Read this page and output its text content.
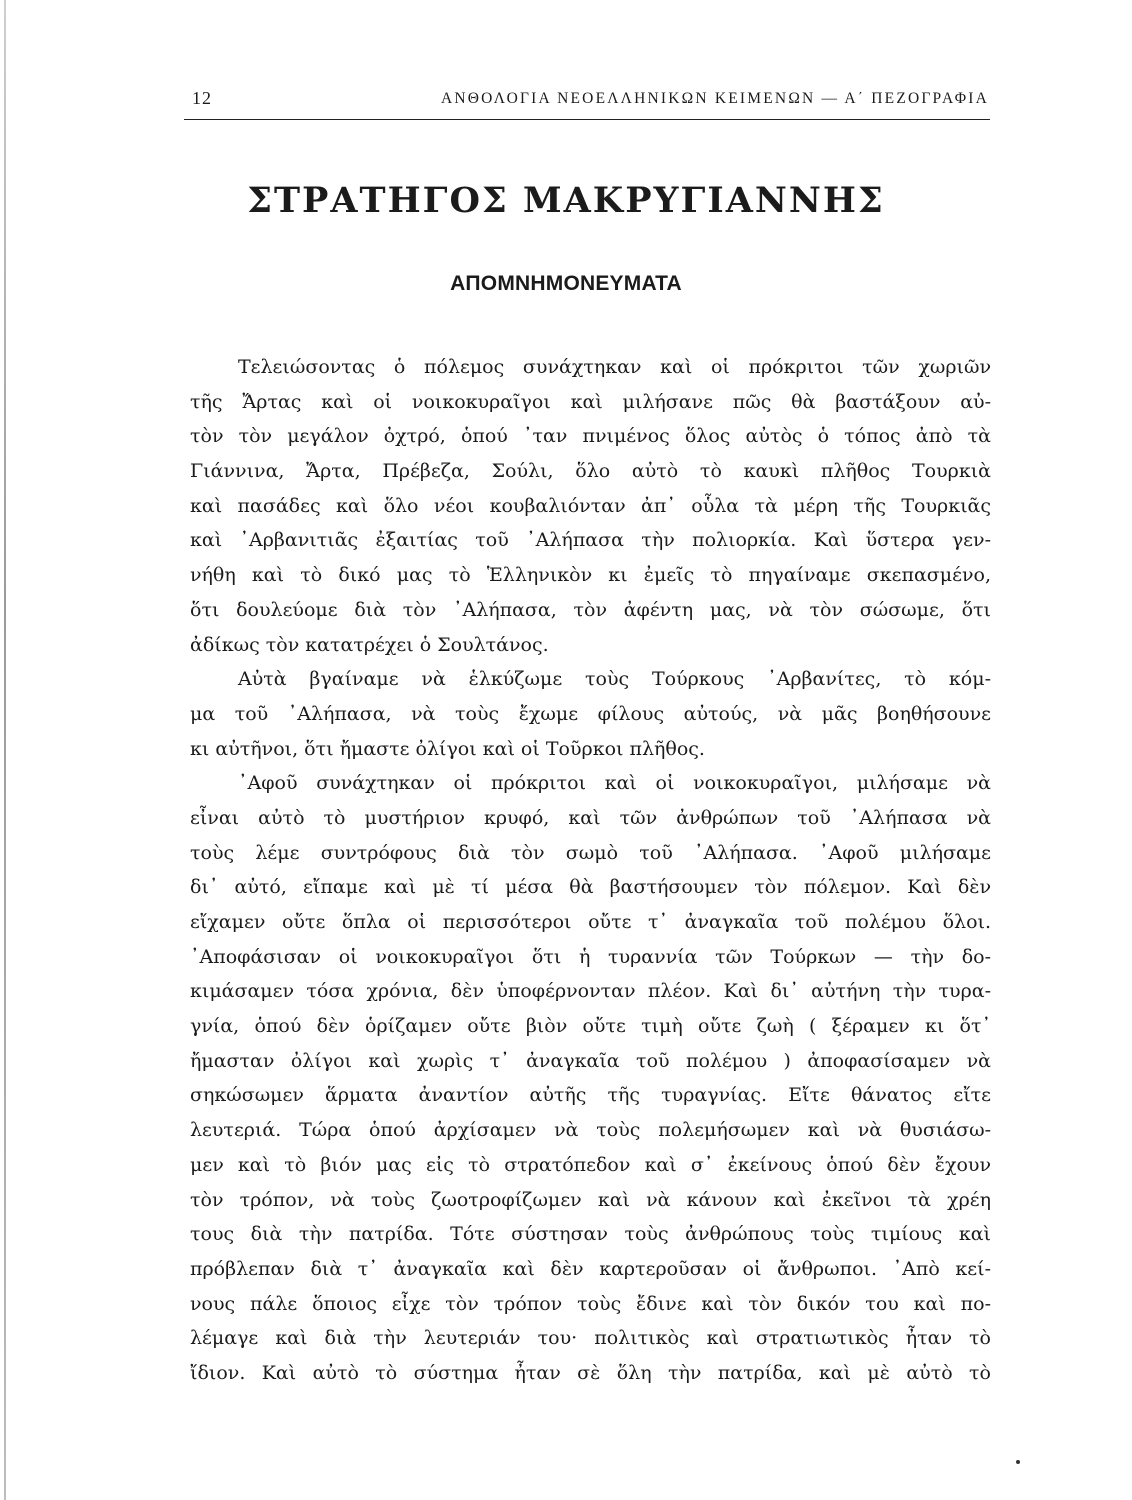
12	ΑΝΘΟΛΟΓΙΑ ΝΕΟΕΛΛΗΝΙΚΩΝ ΚΕΙΜΕΝΩΝ — Α΄ ΠΕΖΟΓΡΑΦΙΑ
ΣΤΡΑΤΗΓΟΣ ΜΑΚΡΥΓΙΑΝΝΗΣ
ΑΠΟΜΝΗΜΟΝΕΥΜΑΤΑ
Τελειώσοντας ὁ πόλεμος συνάχτηκαν καὶ οἱ πρόκριτοι τῶν χωριῶν
τῆς Ἄρτας καὶ οἱ νοικοκυραῖγοι καὶ μιλήσανε πῶς θὰ βαστάξουν αὐ-
τὸν τὸν μεγάλον ὀχτρό, ὁπού ᾿ταν πνιμένος ὅλος αὐτὸς ὁ τόπος ἀπὸ τὰ
Γιάννινα, Ἄρτα, Πρέβεζα, Σούλι, ὅλο αὐτὸ τὸ καυκὶ πλῆθος Τουρκιὰ
καὶ πασάδες καὶ ὅλο νέοι κουβαλιόνταν ἀπ᾿ οὗλα τὰ μέρη τῆς Τουρκιᾶς
καὶ ᾿Αρβανιτιᾶς ἐξαιτίας τοῦ ᾿Αλήπασα τὴν πολιορκία. Καὶ ὕστερα γεν-
νήθη καὶ τὸ δικό μας τὸ Ἑλληνικὸν κι ἐμεῖς τὸ πηγαίναμε σκεπασμένο,
ὅτι δουλεύομε διὰ τὸν ᾿Αλήπασα, τὸν ἀφέντη μας, νὰ τὸν σώσωμε, ὅτι
ἀδίκως τὸν κατατρέχει ὁ Σουλτάνος.
Αὐτὰ βγαίναμε νὰ ἑλκύζωμε τοὺς Τούρκους ᾿Αρβανίτες, τὸ κόμ-
μα τοῦ ᾿Αλήπασα, νὰ τοὺς ἔχωμε φίλους αὐτούς, νὰ μᾶς βοηθήσουνε
κι αὐτῆνοι, ὅτι ἤμαστε ὀλίγοι καὶ οἱ Τοῦρκοι πλῆθος.
᾿Αφοῦ συνάχτηκαν οἱ πρόκριτοι καὶ οἱ νοικοκυραῖγοι, μιλήσαμε νὰ
εἶναι αὐτὸ τὸ μυστήριον κρυφό, καὶ τῶν ἀνθρώπων τοῦ ᾿Αλήπασα νὰ
τοὺς λέμε συντρόφους διὰ τὸν σωμὸ τοῦ ᾿Αλήπασα. ᾿Αφοῦ μιλήσαμε
δι᾿ αὐτό, εἴπαμε καὶ μὲ τί μέσα θὰ βαστήσουμεν τὸν πόλεμον. Καὶ δὲν
εἴχαμεν οὔτε ὅπλα οἱ περισσότεροι οὔτε τ᾿ ἀναγκαῖα τοῦ πολέμου ὅλοι.
᾿Αποφάσισαν οἱ νοικοκυραῖγοι ὅτι ἡ τυραννία τῶν Τούρκων — τὴν δο-
κιμάσαμεν τόσα χρόνια, δὲν ὑποφέρνονταν πλέον. Καὶ δι᾿ αὐτήνη τὴν τυρα-
γνία, ὁπού δὲν ὁρίζαμεν οὔτε βιὸν οὔτε τιμὴ οὔτε ζωὴ ( ξέραμεν κι ὅτ᾿
ἤμασταν ὀλίγοι καὶ χωρὶς τ᾿ ἀναγκαῖα τοῦ πολέμου ) ἀποφασίσαμεν νὰ
σηκώσωμεν ἅρματα ἀναντίον αὐτῆς τῆς τυραγνίας. Εἴτε θάνατος εἴτε
λευτεριά. Τώρα ὁπού ἀρχίσαμεν νὰ τοὺς πολεμήσωμεν καὶ νὰ θυσιάσω-
μεν καὶ τὸ βιόν μας εἰς τὸ στρατόπεδον καὶ σ᾿ ἐκείνους ὁπού δὲν ἔχουν
τὸν τρόπον, νὰ τοὺς ζωοτροφίζωμεν καὶ νὰ κάνουν καὶ ἐκεῖνοι τὰ χρέη
τους διὰ τὴν πατρίδα. Τότε σύστησαν τοὺς ἀνθρώπους τοὺς τιμίους καὶ
πρόβλεπαν διὰ τ᾿ ἀναγκαῖα καὶ δὲν καρτεροῦσαν οἱ ἄνθρωποι. ᾿Απὸ κεί-
νους πάλε ὅποιος εἶχε τὸν τρόπον τοὺς ἔδινε καὶ τὸν δικόν του καὶ πο-
λέμαγε καὶ διὰ τὴν λευτεριάν του· πολιτικὸς καὶ στρατιωτικὸς ἦταν τὸ
ἴδιον. Καὶ αὐτὸ τὸ σύστημα ἦταν σὲ ὅλη τὴν πατρίδα, καὶ μὲ αὐτὸ τὸ
